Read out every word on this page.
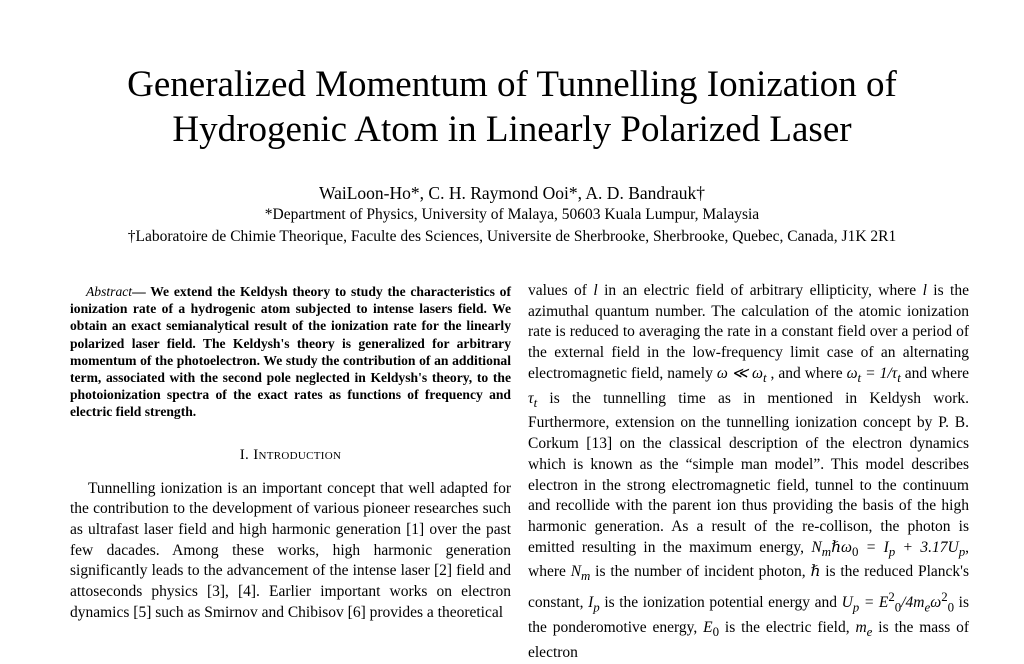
Generalized Momentum of Tunnelling Ionization of
Hydrogenic Atom in Linearly Polarized Laser
WaiLoon-Ho*, C. H. Raymond Ooi*, A. D. Bandrauk†
*Department of Physics, University of Malaya, 50603 Kuala Lumpur, Malaysia
†Laboratoire de Chimie Theorique, Faculte des Sciences, Universite de Sherbrooke, Sherbrooke, Quebec, Canada, J1K 2R1

Abstract— We extend the Keldysh theory to study the characteristics of ionization rate of a hydrogenic atom subjected to intense lasers field. We obtain an exact semianalytical result of the ionization rate for the linearly polarized laser field. The Keldysh's theory is generalized for arbitrary momentum of the photoelectron. We study the contribution of an additional term, associated with the second pole neglected in Keldysh's theory, to the photoionization spectra of the exact rates as functions of frequency and electric field strength.

I. Introduction

Tunnelling ionization is an important concept that well adapted for the contribution to the development of various pioneer researches such as ultrafast laser field and high harmonic generation [1] over the past few dacades. Among these works, high harmonic generation significantly leads to the advancement of the intense laser [2] field and attoseconds physics [3], [4]. Earlier important works on electron dynamics [5] such as Smirnov and Chibisov [6] provides a theoretical

values of l in an electric field of arbitrary ellipticity, where l is the azimuthal quantum number. The calculation of the atomic ionization rate is reduced to averaging the rate in a constant field over a period of the external field in the low-frequency limit case of an alternating electromagnetic field, namely ω ≪ $\omega_t$ , and where $\omega_t = 1/\tau_t$ and where $\tau_t$ is the tunnelling time as in mentioned in Keldysh work. Furthermore, extension on the tunnelling ionization concept by P. B. Corkum [13] on the classical description of the electron dynamics which is known as the “simple man model”. This model describes electron in the strong electromagnetic field, tunnel to the continuum and recollide with the parent ion thus providing the basis of the high harmonic generation. As a result of the re-collison, the photon is emitted resulting in the maximum energy, $N_m\hbar\omega_0 = I_p + 3.17U_p$, where $N_m$ is the number of incident photon, ℏ is the reduced Planck's constant, $I_p$ is the ionization potential energy and $U_p = E^2_0/4m_e\omega^2_0$ is the ponderomotive energy, $E_0$ is the electric field, $m_e$ is the mass of electron
